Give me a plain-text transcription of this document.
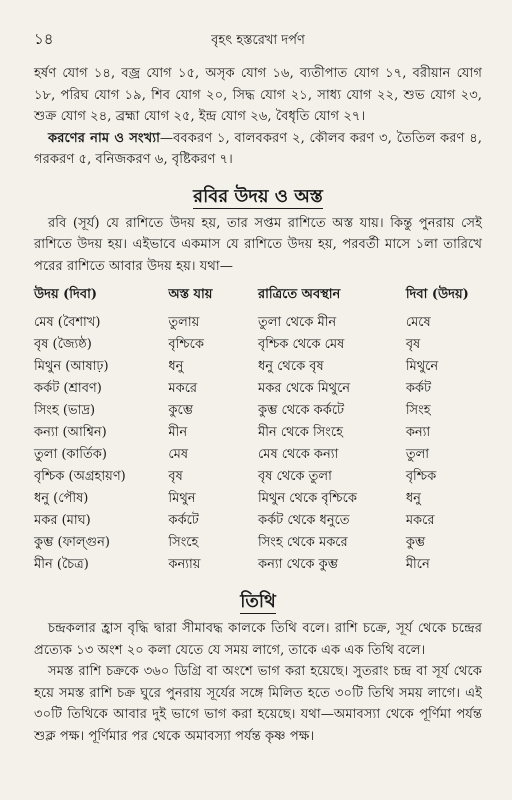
১৪	বৃহৎ হস্তরেখা দর্পণ

হর্ষণ যোগ ১৪, বজ্র যোগ ১৫, অসৃক যোগ ১৬, ব্যতীপাত যোগ ১৭, বরীয়ান যোগ ১৮, পরিঘ যোগ ১৯, শিব যোগ ২০, সিদ্ধ যোগ ২১, সাধ্য যোগ ২২, শুভ যোগ ২৩, শুক্র যোগ ২৪, ব্রহ্মা যোগ ২৫, ইন্দ্র যোগ ২৬, বৈধৃতি যোগ ২৭।

করণের নাম ও সংখ্যা—ববকরণ ১, বালবকরণ ২, কৌলব করণ ৩, তৈতিল করণ ৪, গরকরণ ৫, বনিজকরণ ৬, বৃষ্টিকরণ ৭।

রবির উদয় ও অস্ত

রবি (সূর্য) যে রাশিতে উদয় হয়, তার সপ্তম রাশিতে অস্ত যায়। কিন্তু পুনরায় সেই রাশিতে উদয় হয়। এইভাবে একমাস যে রাশিতে উদয় হয়, পরবর্তী মাসে ১লা তারিখে পরের রাশিতে আবার উদয় হয়। যথা—

উদয় (দিবা)	অস্ত যায়	রাত্রিতে অবস্থান	দিবা (উদয়)
মেষ (বৈশাখ)	তুলায়	তুলা থেকে মীন	মেষে
বৃষ (জ্যৈষ্ঠ)	বৃশ্চিকে	বৃশ্চিক থেকে মেষ	বৃষ
মিথুন (আষাঢ়)	ধনু	ধনু থেকে বৃষ	মিথুনে
কর্কট (শ্রাবণ)	মকরে	মকর থেকে মিথুনে	কর্কট
সিংহ (ভাদ্র)	কুম্ভে	কুম্ভ থেকে কর্কটে	সিংহ
কন্যা (আশ্বিন)	মীন	মীন থেকে সিংহে	কন্যা
তুলা (কার্তিক)	মেষ	মেষ থেকে কন্যা	তুলা
বৃশ্চিক (অগ্রহায়ণ)	বৃষ	বৃষ থেকে তুলা	বৃশ্চিক
ধনু (পৌষ)	মিথুন	মিথুন থেকে বৃশ্চিকে	ধনু
মকর (মাঘ)	কর্কটে	কর্কট থেকে ধনুতে	মকরে
কুম্ভ (ফাল্গুন)	সিংহে	সিংহ থেকে মকরে	কুম্ভ
মীন (চৈত্র)	কন্যায়	কন্যা থেকে কুম্ভ	মীনে
তিথি

চন্দ্রকলার হ্রাস বৃদ্ধি দ্বারা সীমাবদ্ধ কালকে তিথি বলে। রাশি চক্রে, সূর্য থেকে চন্দ্রের প্রত্যেক ১৩ অংশ ২০ কলা যেতে যে সময় লাগে, তাকে এক এক তিথি বলে।

সমস্ত রাশি চক্রকে ৩৬০ ডিগ্রি বা অংশে ভাগ করা হয়েছে। সুতরাং চন্দ্র বা সূর্য থেকে হয়ে সমস্ত রাশি চক্র ঘুরে পুনরায় সূর্যের সঙ্গে মিলিত হতে ৩০টি তিথি সময় লাগে। এই ৩০টি তিথিকে আবার দুই ভাগে ভাগ করা হয়েছে। যথা—অমাবস্যা থেকে পূর্ণিমা পর্যন্ত শুক্ল পক্ষ। পূর্ণিমার পর থেকে অমাবস্যা পর্যন্ত কৃষ্ণ পক্ষ।
